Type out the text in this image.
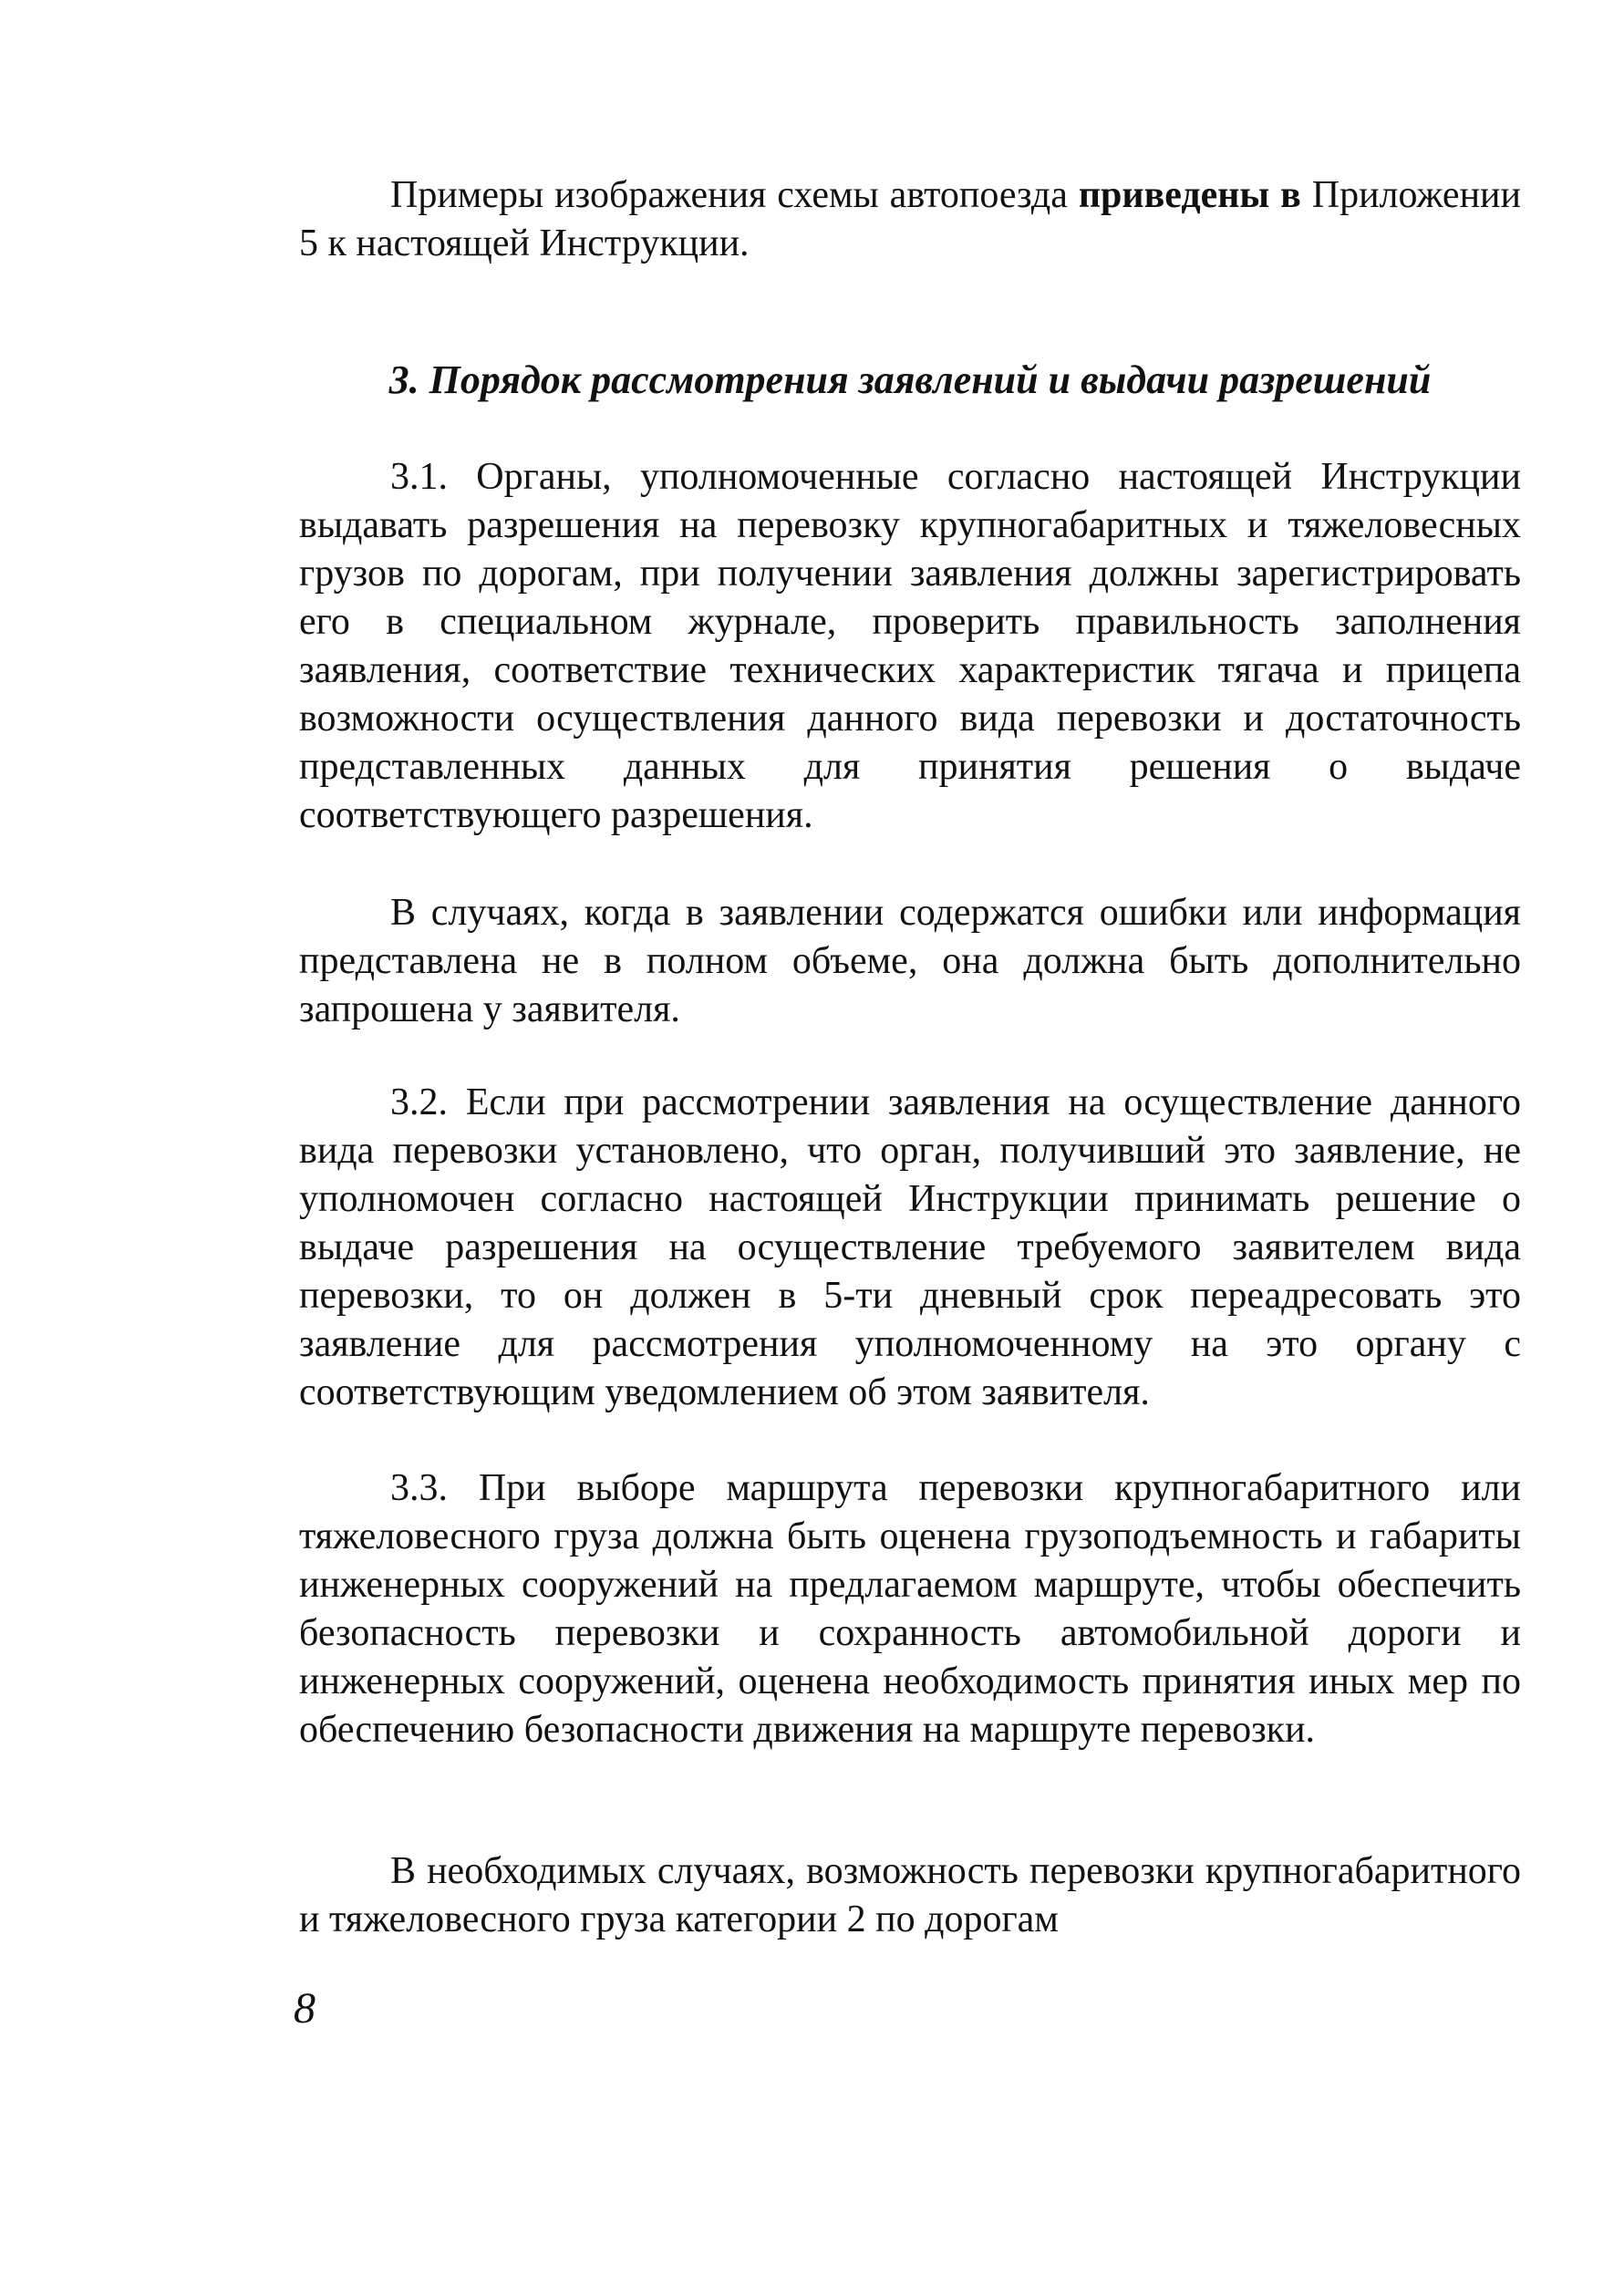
Примеры изображения схемы автопоезда приведены в Приложении 5 к настоящей Инструкции.

3. Порядок рассмотрения заявлений и выдачи разрешений

3.1. Органы, уполномоченные согласно настоящей Инструкции выдавать разрешения на перевозку крупногабаритных и тяжеловесных грузов по дорогам, при получении заявления должны зарегистрировать его в специальном журнале, проверить правильность заполнения заявления, соответствие технических характеристик тягача и прицепа возможности осуществления данного вида перевозки и достаточность представленных данных для принятия решения о выдаче соответствующего разрешения.

В случаях, когда в заявлении содержатся ошибки или информация представлена не в полном объеме, она должна быть дополнительно запрошена у заявителя.

3.2. Если при рассмотрении заявления на осуществление данного вида перевозки установлено, что орган, получивший это заявление, не уполномочен согласно настоящей Инструкции принимать решение о выдаче разрешения на осуществление требуемого заявителем вида перевозки, то он должен в 5-ти дневный срок переадресовать это заявление для рассмотрения уполномоченному на это органу с соответствующим уведомлением об этом заявителя.

3.3. При выборе маршрута перевозки крупногабаритного или тяжеловесного груза должна быть оценена грузоподъемность и габариты инженерных сооружений на предлагаемом маршруте, чтобы обеспечить безопасность перевозки и сохранность автомобильной дороги и инженерных сооружений, оценена необходимость принятия иных мер по обеспечению безопасности движения на маршруте перевозки.

В необходимых случаях, возможность перевозки крупногабаритного и тяжеловесного груза категории 2 по дорогам

8
